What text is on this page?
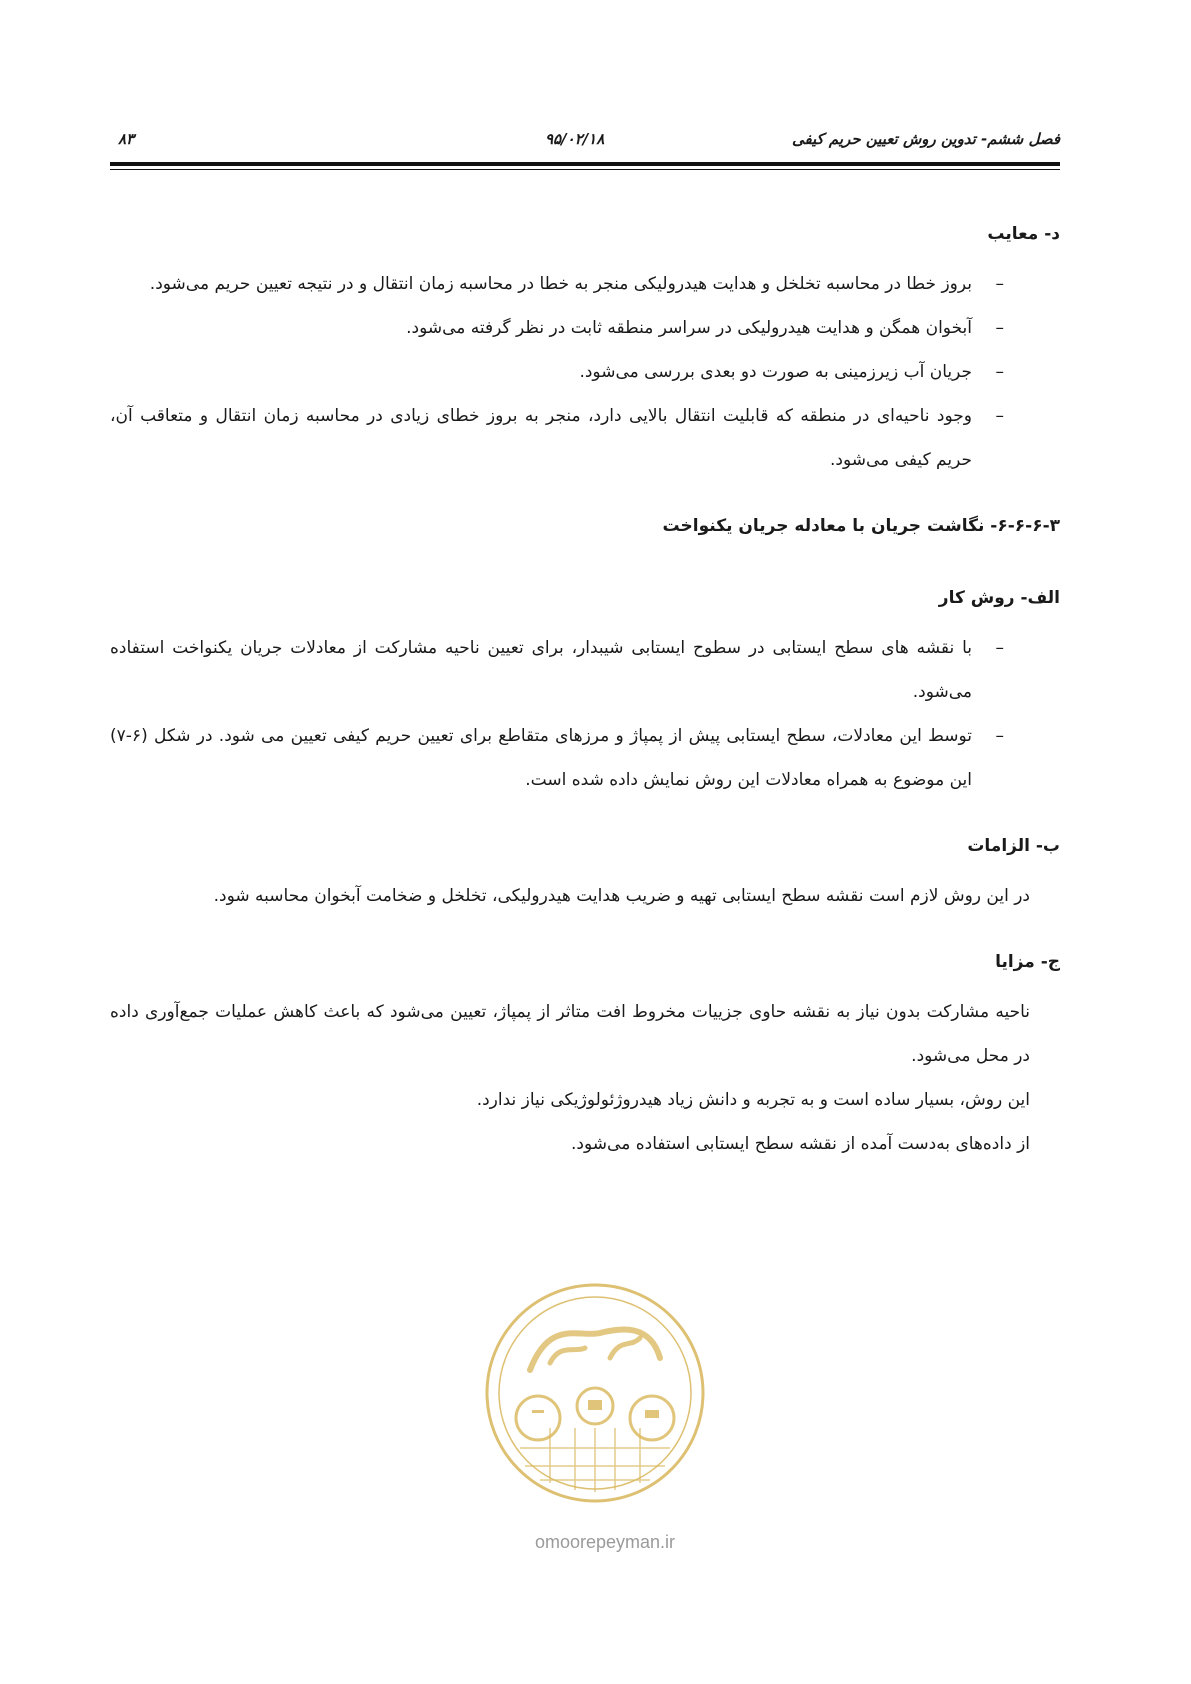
فصل ششم- تدوین روش تعیین حریم کیفی
۹۵/۰۲/۱۸
۸۳
د- معایب
– بروز خطا در محاسبه تخلخل و هدایت هیدرولیکی منجر به خطا در محاسبه زمان انتقال و در نتیجه تعیین حریم می‌شود.
– آبخوان همگن و هدایت هیدرولیکی در سراسر منطقه ثابت در نظر گرفته می‌شود.
– جریان آب زیرزمینی به صورت دو بعدی بررسی می‌شود.
– وجود ناحیه‌ای در منطقه که قابلیت انتقال بالایی دارد، منجر به بروز خطای زیادی در محاسبه زمان انتقال و متعاقب آن، حریم کیفی می‌شود.
۶-۶-۶-۳- نگاشت جریان با معادله جریان یکنواخت
الف- روش کار
– با نقشه های سطح ایستابی در سطوح ایستابی شیبدار، برای تعیین ناحیه مشارکت از معادلات جریان یکنواخت استفاده می‌شود.
– توسط این معادلات، سطح ایستابی پیش از پمپاژ و مرزهای متقاطع برای تعیین حریم کیفی تعیین می شود. در شکل (۶-۷) این موضوع به همراه معادلات این روش نمایش داده شده است.
ب- الزامات

در این روش لازم است نقشه سطح ایستابی تهیه و ضریب هدایت هیدرولیکی، تخلخل و ضخامت آبخوان محاسبه شود.

ج- مزایا

ناحیه مشارکت بدون نیاز به نقشه حاوی جزییات مخروط افت متاثر از پمپاژ، تعیین می‌شود که باعث کاهش عملیات جمع‌آوری داده در محل می‌شود.

این روش، بسیار ساده است و به تجربه و دانش زیاد هیدروژئولوژیکی نیاز ندارد.

از داده‌های به‌دست آمده از نقشه سطح ایستابی استفاده می‌شود.

omoorepeyman.ir
